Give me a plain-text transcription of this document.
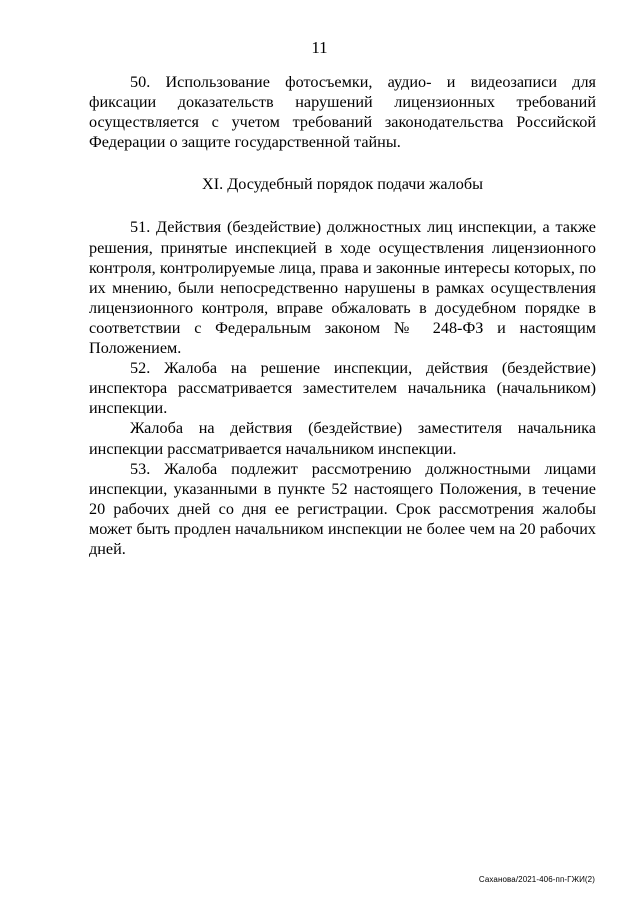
11

50. Использование фотосъемки, аудио- и видеозаписи для фиксации доказательств нарушений лицензионных требований осуществляется с учетом требований законодательства Российской Федерации о защите государственной тайны.

XI. Досудебный порядок подачи жалобы

51. Действия (бездействие) должностных лиц инспекции, а также решения, принятые инспекцией в ходе осуществления лицензионного контроля, контролируемые лица, права и законные интересы которых, по их мнению, были непосредственно нарушены в рамках осуществления лицензионного контроля, вправе обжаловать в досудебном порядке в соответствии с Федеральным законом № 248-ФЗ и настоящим Положением.

52. Жалоба на решение инспекции, действия (бездействие) инспектора рассматривается заместителем начальника (начальником) инспекции.

Жалоба на действия (бездействие) заместителя начальника инспекции рассматривается начальником инспекции.

53. Жалоба подлежит рассмотрению должностными лицами инспекции, указанными в пункте 52 настоящего Положения, в течение 20 рабочих дней со дня ее регистрации. Срок рассмотрения жалобы может быть продлен начальником инспекции не более чем на 20 рабочих дней.

Саханова/2021-406-пп-ГЖИ(2)
